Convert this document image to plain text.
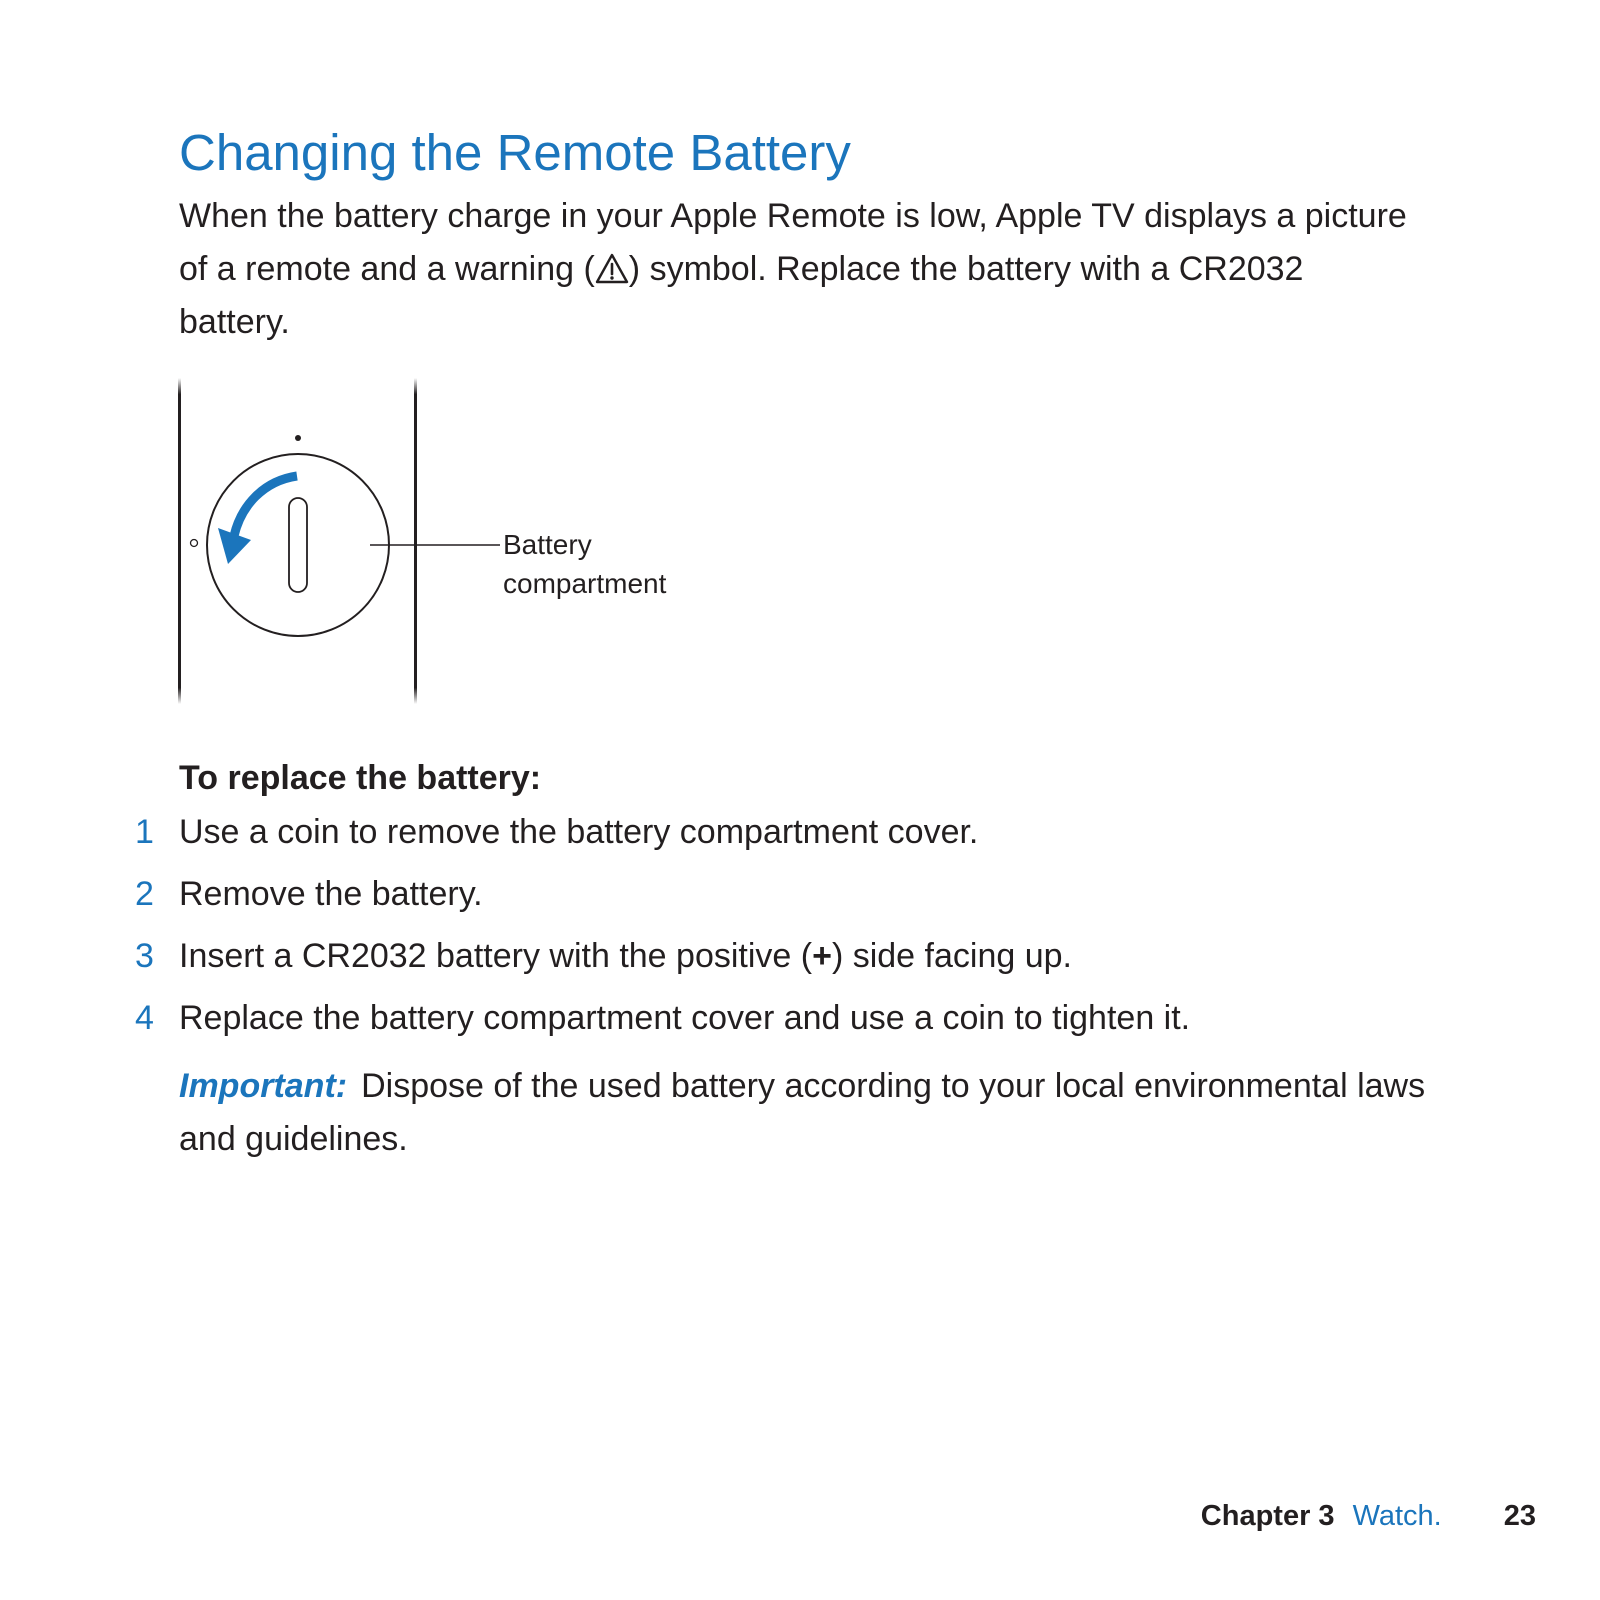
Changing the Remote Battery

When the battery charge in your Apple Remote is low, Apple TV displays a picture of a remote and a warning ( ) symbol. Replace the battery with a CR2032 battery.

Battery
compartment
To replace the battery:
1 Use a coin to remove the battery compartment cover.
2 Remove the battery.
3 Insert a CR2032 battery with the positive (+) side facing up.
4 Replace the battery compartment cover and use a coin to tighten it.

Important: Dispose of the used battery according to your local environmental laws and guidelines.

Chapter 3 Watch. 23
